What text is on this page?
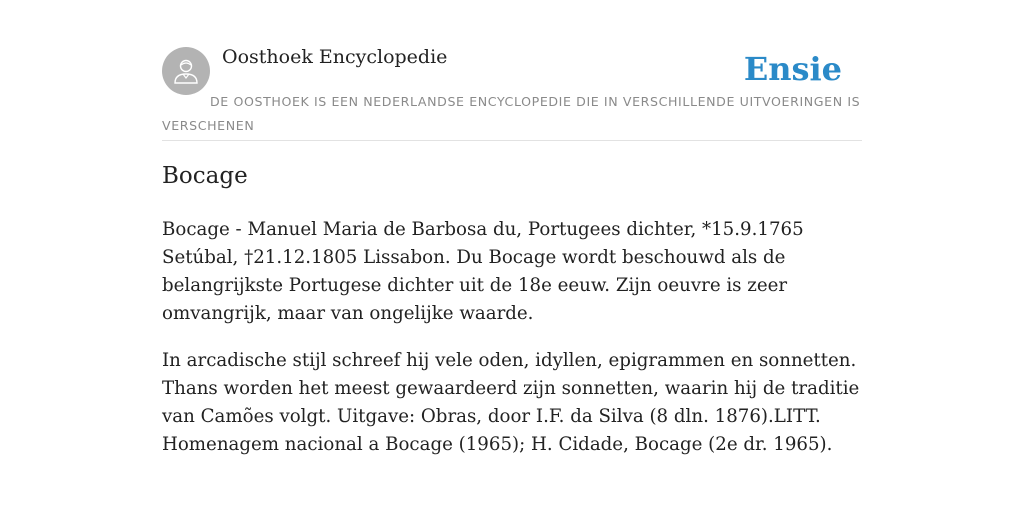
Oosthoek Encyclopedie	Ensie
DE OOSTHOEK IS EEN NEDERLANDSE ENCYCLOPEDIE DIE IN VERSCHILLENDE UITVOERINGEN IS VERSCHENEN
Bocage

Bocage - Manuel Maria de Barbosa du, Portugees dichter, *15.9.1765 Setúbal, †21.12.1805 Lissabon. Du Bocage wordt beschouwd als de belangrijkste Portugese dichter uit de 18e eeuw. Zijn oeuvre is zeer omvangrijk, maar van ongelijke waarde.

In arcadische stijl schreef hij vele oden, idyllen, epigrammen en sonnetten. Thans worden het meest gewaardeerd zijn sonnetten, waarin hij de traditie van Camões volgt. Uitgave: Obras, door I.F. da Silva (8 dln. 1876).LITT. Homenagem nacional a Bocage (1965); H. Cidade, Bocage (2e dr. 1965).
